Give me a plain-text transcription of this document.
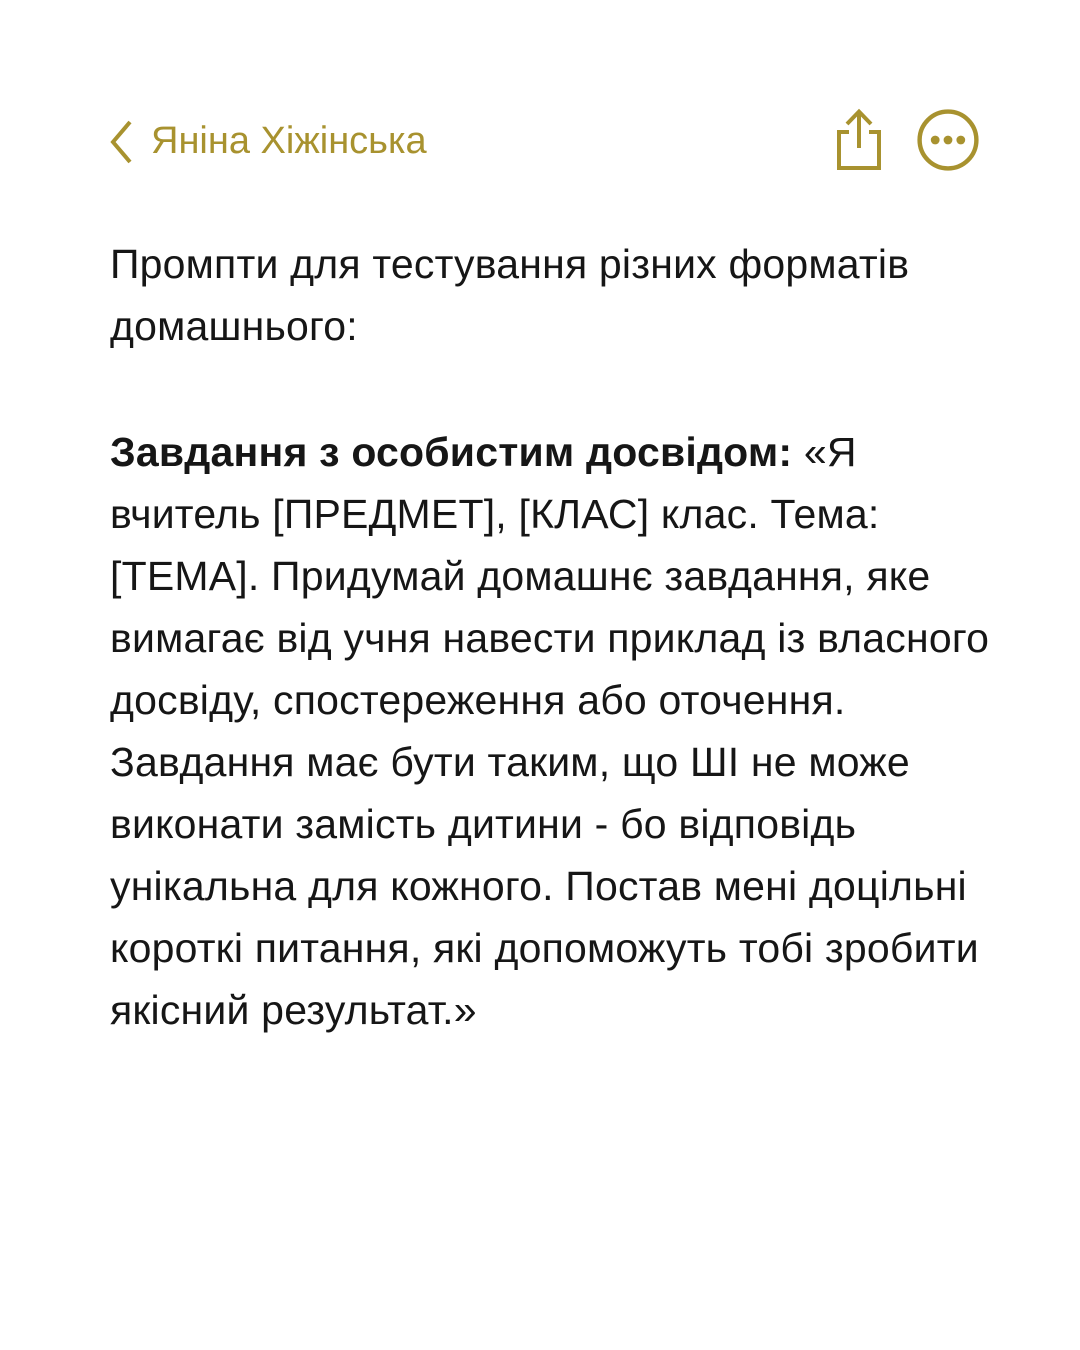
Яніна Хіжінська

Промпти для тестування різних форматів домашнього:

Завдання з особистим досвідом: «Я вчитель [ПРЕДМЕТ], [КЛАС] клас. Тема: [ТЕМА]. Придумай домашнє завдання, яке вимагає від учня навести приклад із власного досвіду, спостереження або оточення. Завдання має бути таким, що ШІ не може виконати замість дитини - бо відповідь унікальна для кожного. Постав мені доцільні короткі питання, які допоможуть тобі зробити якісний результат.»
